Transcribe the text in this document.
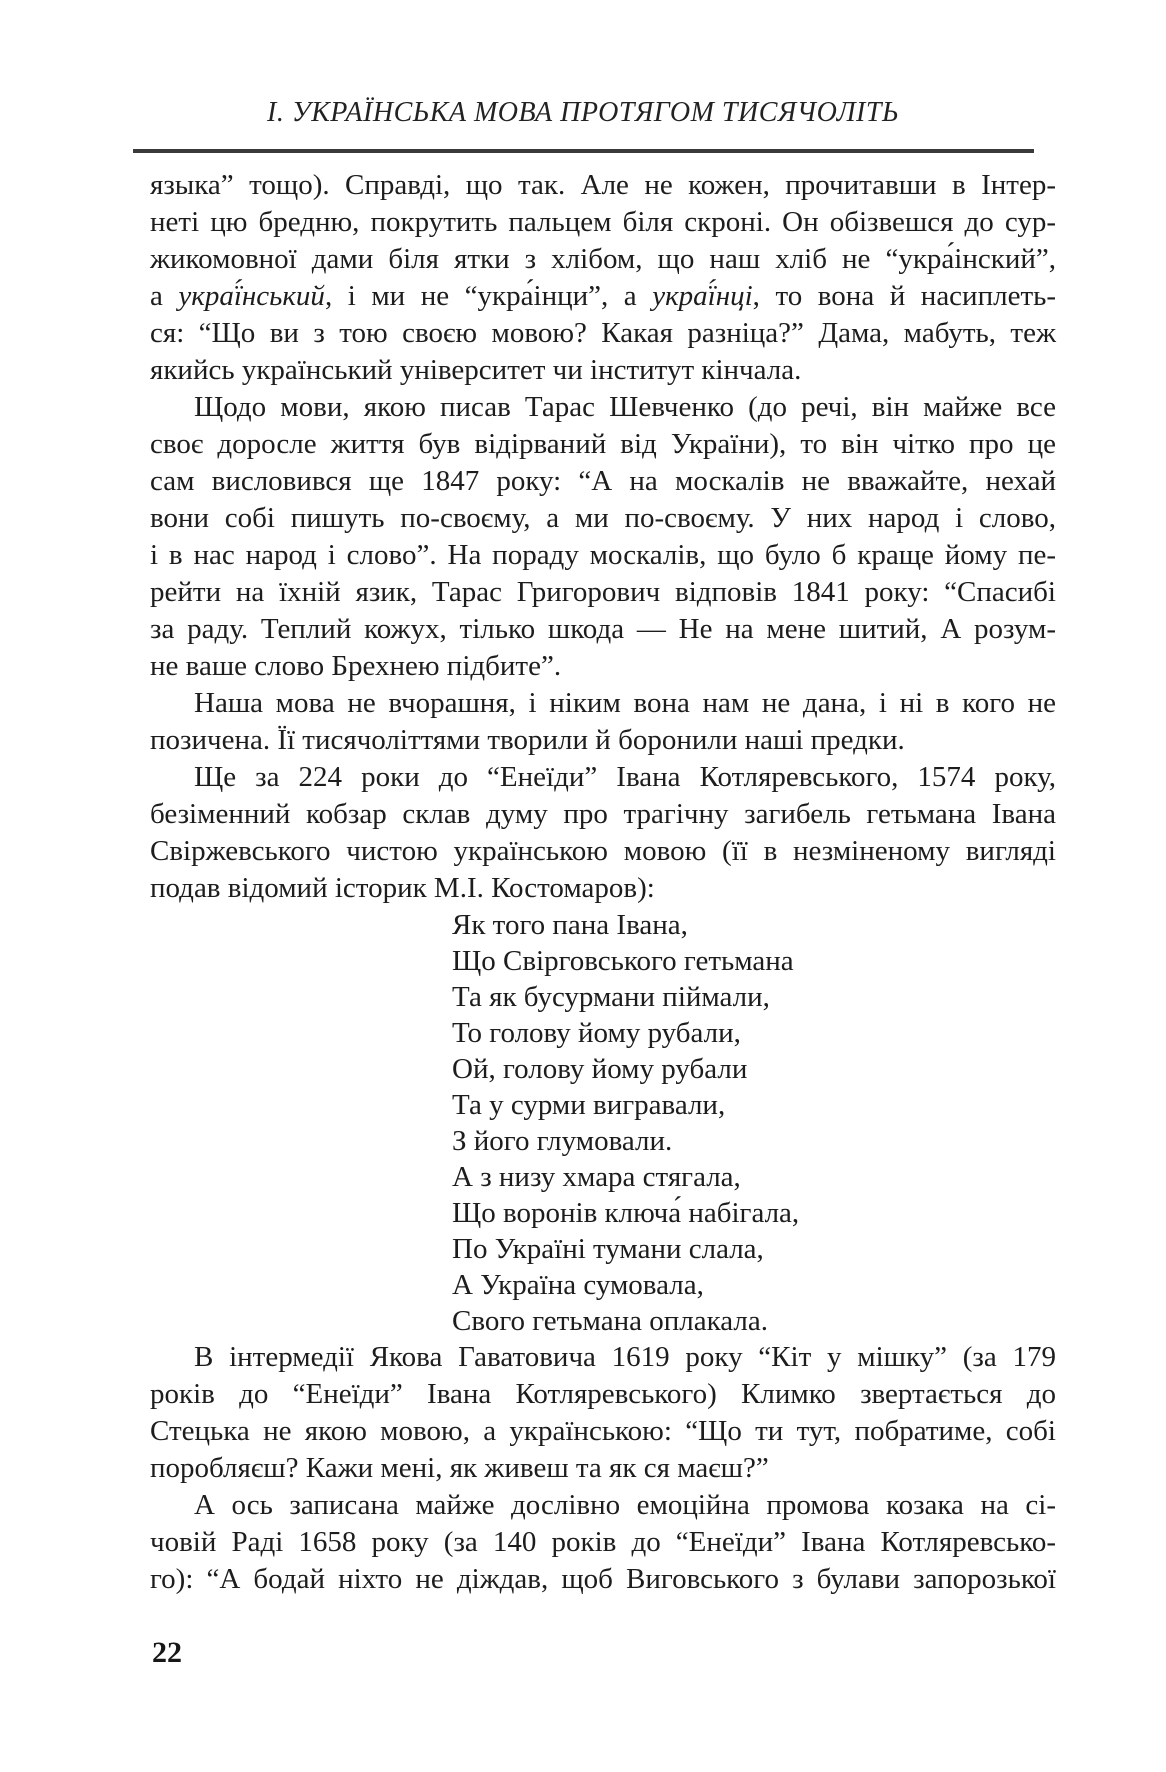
І. УКРАЇНСЬКА МОВА ПРОТЯГОМ ТИСЯЧОЛІТЬ
языка” тощо). Справді, що так. Але не кожен, прочитавши в Інтер-
неті цю бредню, покрутить пальцем біля скроні. Он обізвешся до сур-
жикомовної дами біля ятки з хлібом, що наш хліб не “укра́інский”,
а украї́нський, і ми не “укра́інци”, а украї́нці, то вона й насиплеть-
ся: “Що ви з тою своєю мовою? Какая разніца?” Дама, мабуть, теж
якийсь український університет чи інститут кінчала.
Щодо мови, якою писав Тарас Шевченко (до речі, він майже все
своє доросле життя був відірваний від України), то він чітко про це
сам висловився ще 1847 року: “А на москалів не вважайте, нехай
вони собі пишуть по-своєму, а ми по-своєму. У них народ і слово,
і в нас народ і слово”. На пораду москалів, що було б краще йому пе-
рейти на їхній язик, Тарас Григорович відповів 1841 року: “Спасибі
за раду. Теплий кожух, тілько шкода — Не на мене шитий, А розум-
не ваше слово Брехнею підбите”.
Наша мова не вчорашня, і ніким вона нам не дана, і ні в кого не
позичена. Її тисячоліттями творили й боронили наші предки.
Ще за 224 роки до “Енеїди” Івана Котляревського, 1574 року,
безіменний кобзар склав думу про трагічну загибель гетьмана Івана
Свіржевського чистою українською мовою (її в незміненому вигляді
подав відомий історик М.І. Костомаров):
Як того пана Івана,
Що Свірговського гетьмана
Та як бусурмани піймали,
То голову йому рубали,
Ой, голову йому рубали
Та у сурми вигравали,
З його глумовали.
А з низу хмара стягала,
Що воронів ключа́ набігала,
По Україні тумани слала,
А Україна сумовала,
Свого гетьмана оплакала.
В інтермедії Якова Гаватовича 1619 року “Кіт у мішку” (за 179
років до “Енеїди” Івана Котляревського) Климко звертається до
Стецька не якою мовою, а українською: “Що ти тут, побратиме, собі
поробляєш? Кажи мені, як живеш та як ся маєш?”
А ось записана майже дослівно емоційна промова козака на сі-
човій Раді 1658 року (за 140 років до “Енеїди” Івана Котляревсько-
го): “А бодай ніхто не діждав, щоб Виговського з булави запорозької
22
